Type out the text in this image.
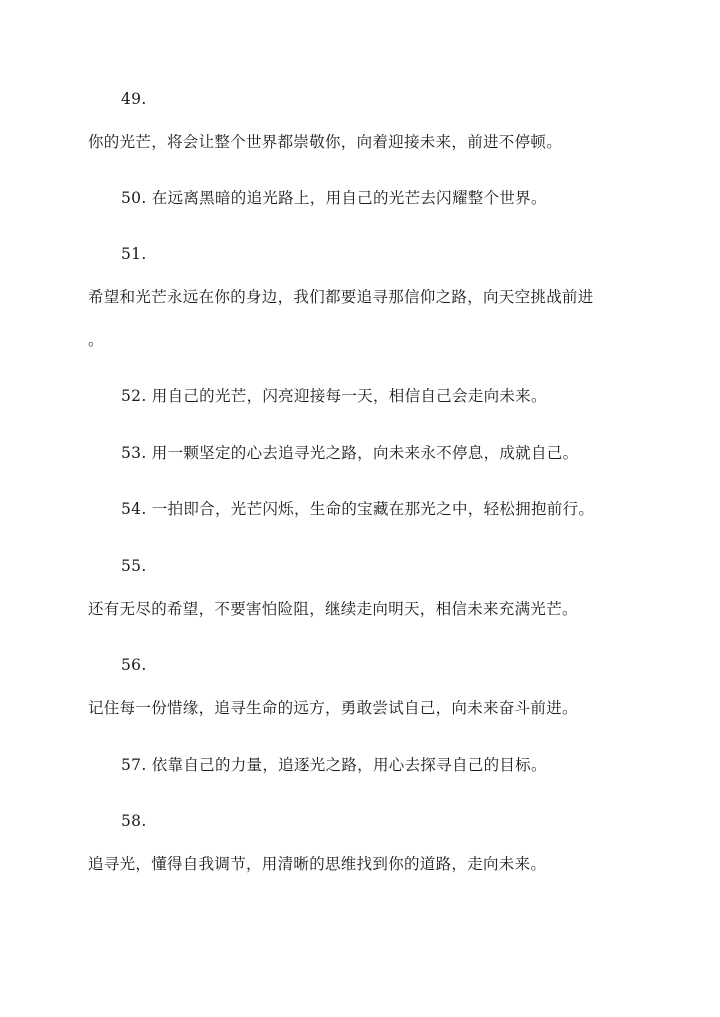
49.
你的光芒，将会让整个世界都崇敬你，向着迎接未来，前进不停顿。
50. 在远离黑暗的追光路上，用自己的光芒去闪耀整个世界。
51.
希望和光芒永远在你的身边，我们都要追寻那信仰之路，向天空挑战前进
。
52. 用自己的光芒，闪亮迎接每一天，相信自己会走向未来。
53. 用一颗坚定的心去追寻光之路，向未来永不停息，成就自己。
54. 一拍即合，光芒闪烁，生命的宝藏在那光之中，轻松拥抱前行。
55.
还有无尽的希望，不要害怕险阻，继续走向明天，相信未来充满光芒。
56.
记住每一份惜缘，追寻生命的远方，勇敢尝试自己，向未来奋斗前进。
57. 依靠自己的力量，追逐光之路，用心去探寻自己的目标。
58.
追寻光，懂得自我调节，用清晰的思维找到你的道路，走向未来。
